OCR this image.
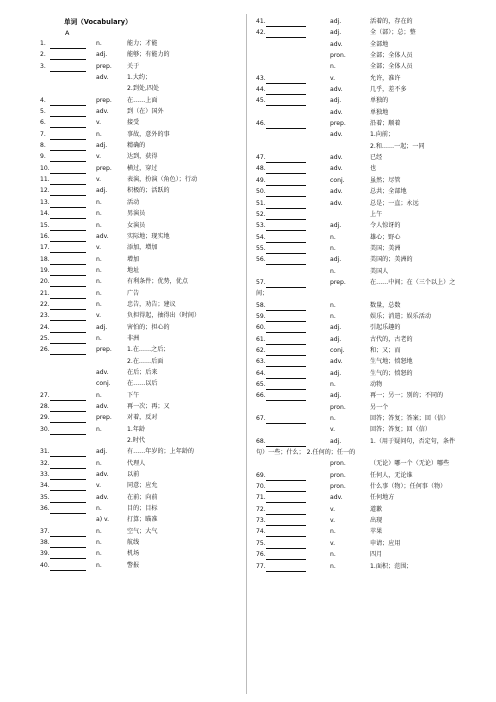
单词（Vocabulary）
A
1.	n.	能力；才能
2.	adj.	能够；有能力的
3.	prep. 关于
adv.	1.大约；
2.到处,四处
4.	prep. 在……上面
5.	adv.	到（在）国外
6.	v.	接受
7.	n.	事故，意外的事
8.	adj.	精确的
9.	v.	达到，获得
10.	prep. 横过，穿过
11.	v.	表演，扮演（角色）；行动
12.	adj.	积极的；活跃的
13.	n.	活动
14.	n.	男演员
15.	n.	女演员
16.	adv.	实际地；现实地
17.	v.	添加，增加
18.	n.	增加
19.	n.	地址
20.	n.	有利条件；优势，优点
21.	n.	广告
22.	n.	忠告，劝告；建议
23.	v.	负担得起，抽得出（时间）
24.	adj.	害怕的；担心的
25.	n.	非洲
26.	prep. 1.在……之后；
2.在……后面
adv.	在后；后来
conj.	在……以后
27.	n.	下午
28.	adv.	再一次；再；又
29.	prep. 对着，反对
30.	n.	1.年龄
2.时代
31.	adj.	有……年岁的；上年龄的
32.	n.	代理人
33.	adv.	以前
34.	v.	同意；应允
35.	adv.	在前；向前
36.	n.	目的；目标
a) v.	打算；瞄准
37.	n.	空气；大气
38.	n.	航线
39.	n.	机场
40.	n.	警报
41.	adj.	活着的，存在的
42.	adj.	全（部）；总；整
adv.	全部地
pron.	全部；全体人员
n.	全部；全体人员
43.	v.	允许，准许
44.	adv.	几乎，差不多
45.	adj.	单独的
adv.	单独地
46.	prep.	沿着；顺着
adv.	1.向前；
2.和……一起；一同
47.	adv.	已经
48.	adv.	也
49.	conj.	虽然；尽管
50.	adv.	总共；全部地
51.	adv.	总是；一直；永远
52.	上午
53.	adj.	令人惊讶的
54.	n.	雄心；野心
55.	n.	美国；美洲
56.	adj.	美国的；美洲的
n.	美国人
57.	prep.	在……中间；在（三个以上）之
间；
58.	n.	数量，总数
59.	n.	娱乐；消遣；娱乐活动
60.	adj.	引起乐趣的
61.	adj.	古代的，古老的
62.	conj.	和；又；而
63.	adv.	生气地；愤怒地
64.	adj.	生气的；愤怒的
65.	n.	动物
66.	adj.	再一；另一；别的；不同的
pron.	另一个
67.	n.	回答；答复；答案；回（信）
v.	回答；答复；回（信）
68.	adj.	1.（用于疑问句，否定句，条件
句）一些；什么； 2.任何的；任一的
pron.	（无论）哪一个（无论）哪些
69.	pron.	任何人，无论谁
70.	pron.	什么事（物）；任何事（物）
71.	adv.	任何地方
72.	v.	道歉
73.	v.	出现
74.	n.	苹果
75.	v.	申请；应用
76.	n.	四月
77.	n.	1.面积；范围；
